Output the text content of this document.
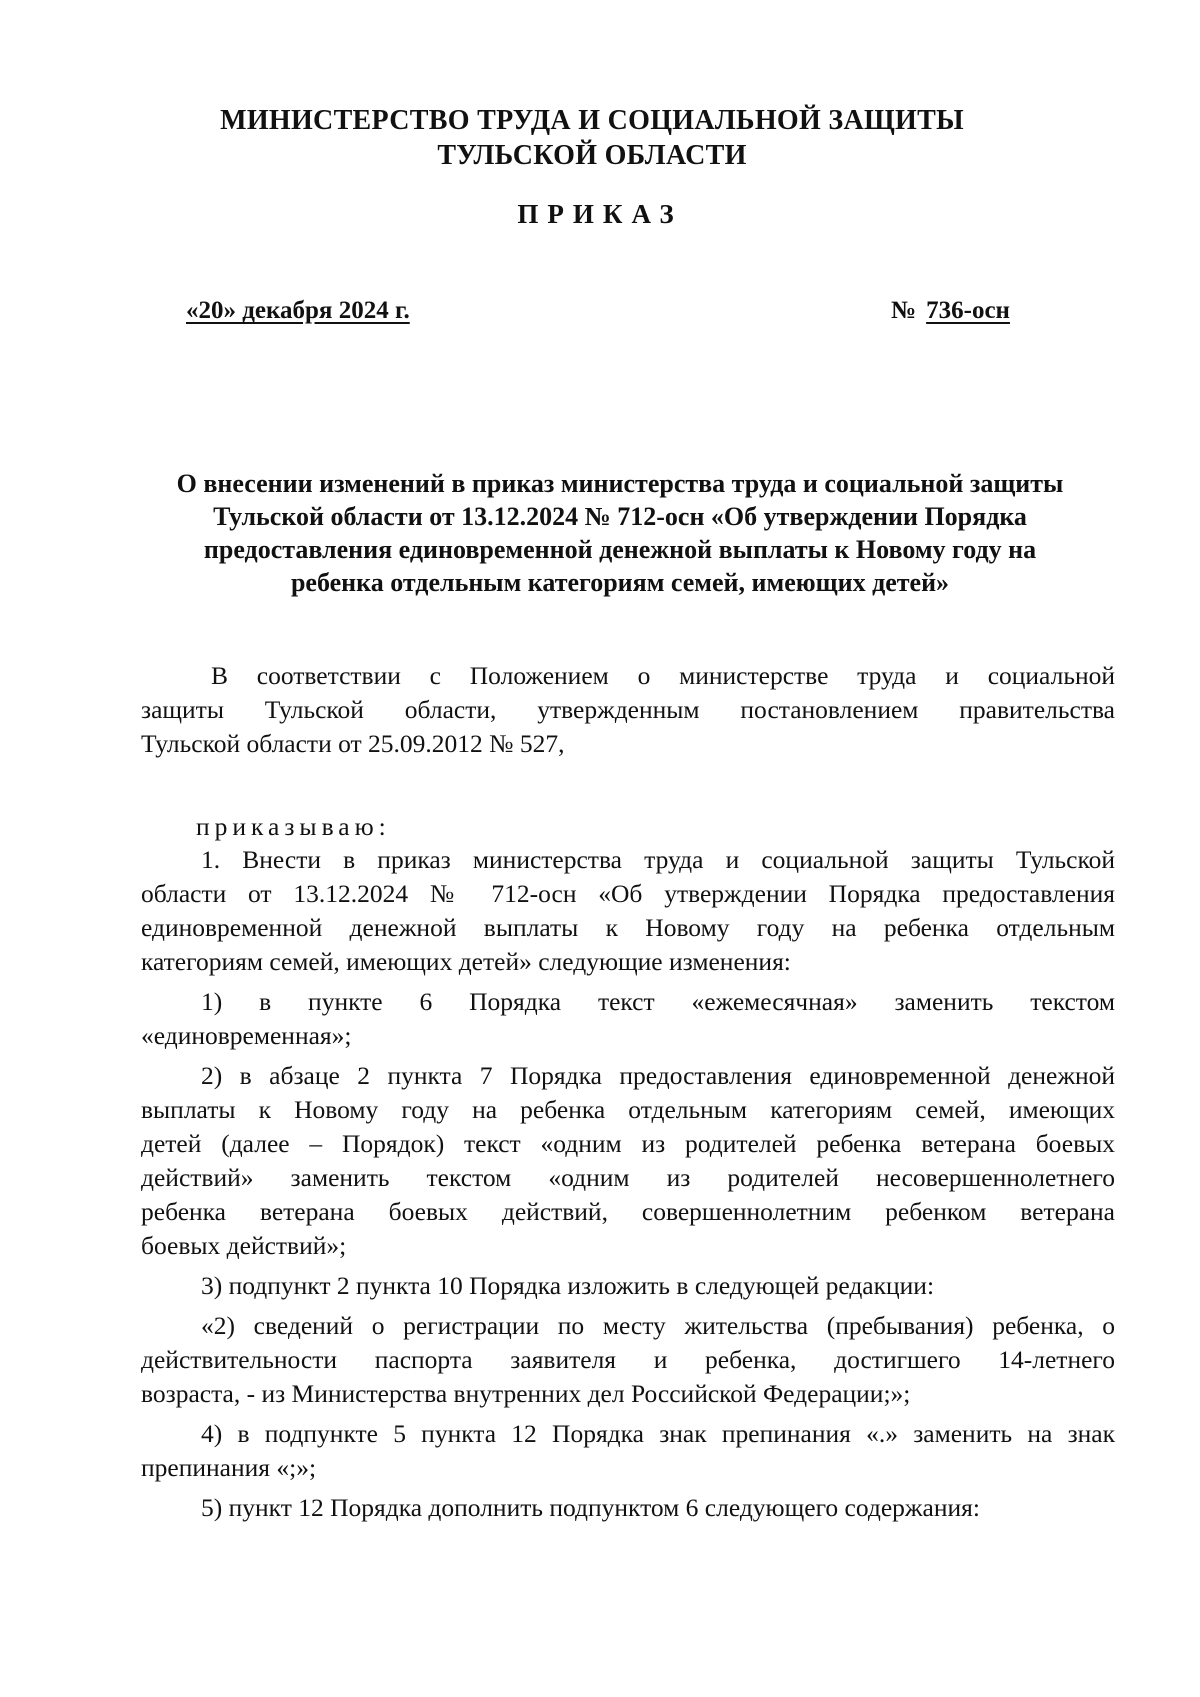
МИНИСТЕРСТВО ТРУДА И СОЦИАЛЬНОЙ ЗАЩИТЫ
ТУЛЬСКОЙ ОБЛАСТИ
ПРИКАЗ
«20» декабря 2024 г.	№ 736-осн
О внесении изменений в приказ министерства труда и социальной защиты
Тульской области от 13.12.2024 № 712-осн «Об утверждении Порядка
предоставления единовременной денежной выплаты к Новому году на
ребенка отдельным категориям семей, имеющих детей»
В соответствии с Положением о министерстве труда и социальной
защиты Тульской области, утвержденным постановлением правительства
Тульской области от 25.09.2012 № 527,
приказываю:
1. Внести в приказ министерства труда и социальной защиты Тульской
области от 13.12.2024 № 712-осн «Об утверждении Порядка предоставления
единовременной денежной выплаты к Новому году на ребенка отдельным
категориям семей, имеющих детей» следующие изменения:
1) в пункте 6 Порядка текст «ежемесячная» заменить текстом
«единовременная»;
2) в абзаце 2 пункта 7 Порядка предоставления единовременной денежной
выплаты к Новому году на ребенка отдельным категориям семей, имеющих
детей (далее – Порядок) текст «одним из родителей ребенка ветерана боевых
действий» заменить текстом «одним из родителей несовершеннолетнего
ребенка ветерана боевых действий, совершеннолетним ребенком ветерана
боевых действий»;
3) подпункт 2 пункта 10 Порядка изложить в следующей редакции:
«2) сведений о регистрации по месту жительства (пребывания) ребенка, о
действительности паспорта заявителя и ребенка, достигшего 14-летнего
возраста, - из Министерства внутренних дел Российской Федерации;»;
4) в подпункте 5 пункта 12 Порядка знак препинания «.» заменить на знак
препинания «;»;
5) пункт 12 Порядка дополнить подпунктом 6 следующего содержания:
